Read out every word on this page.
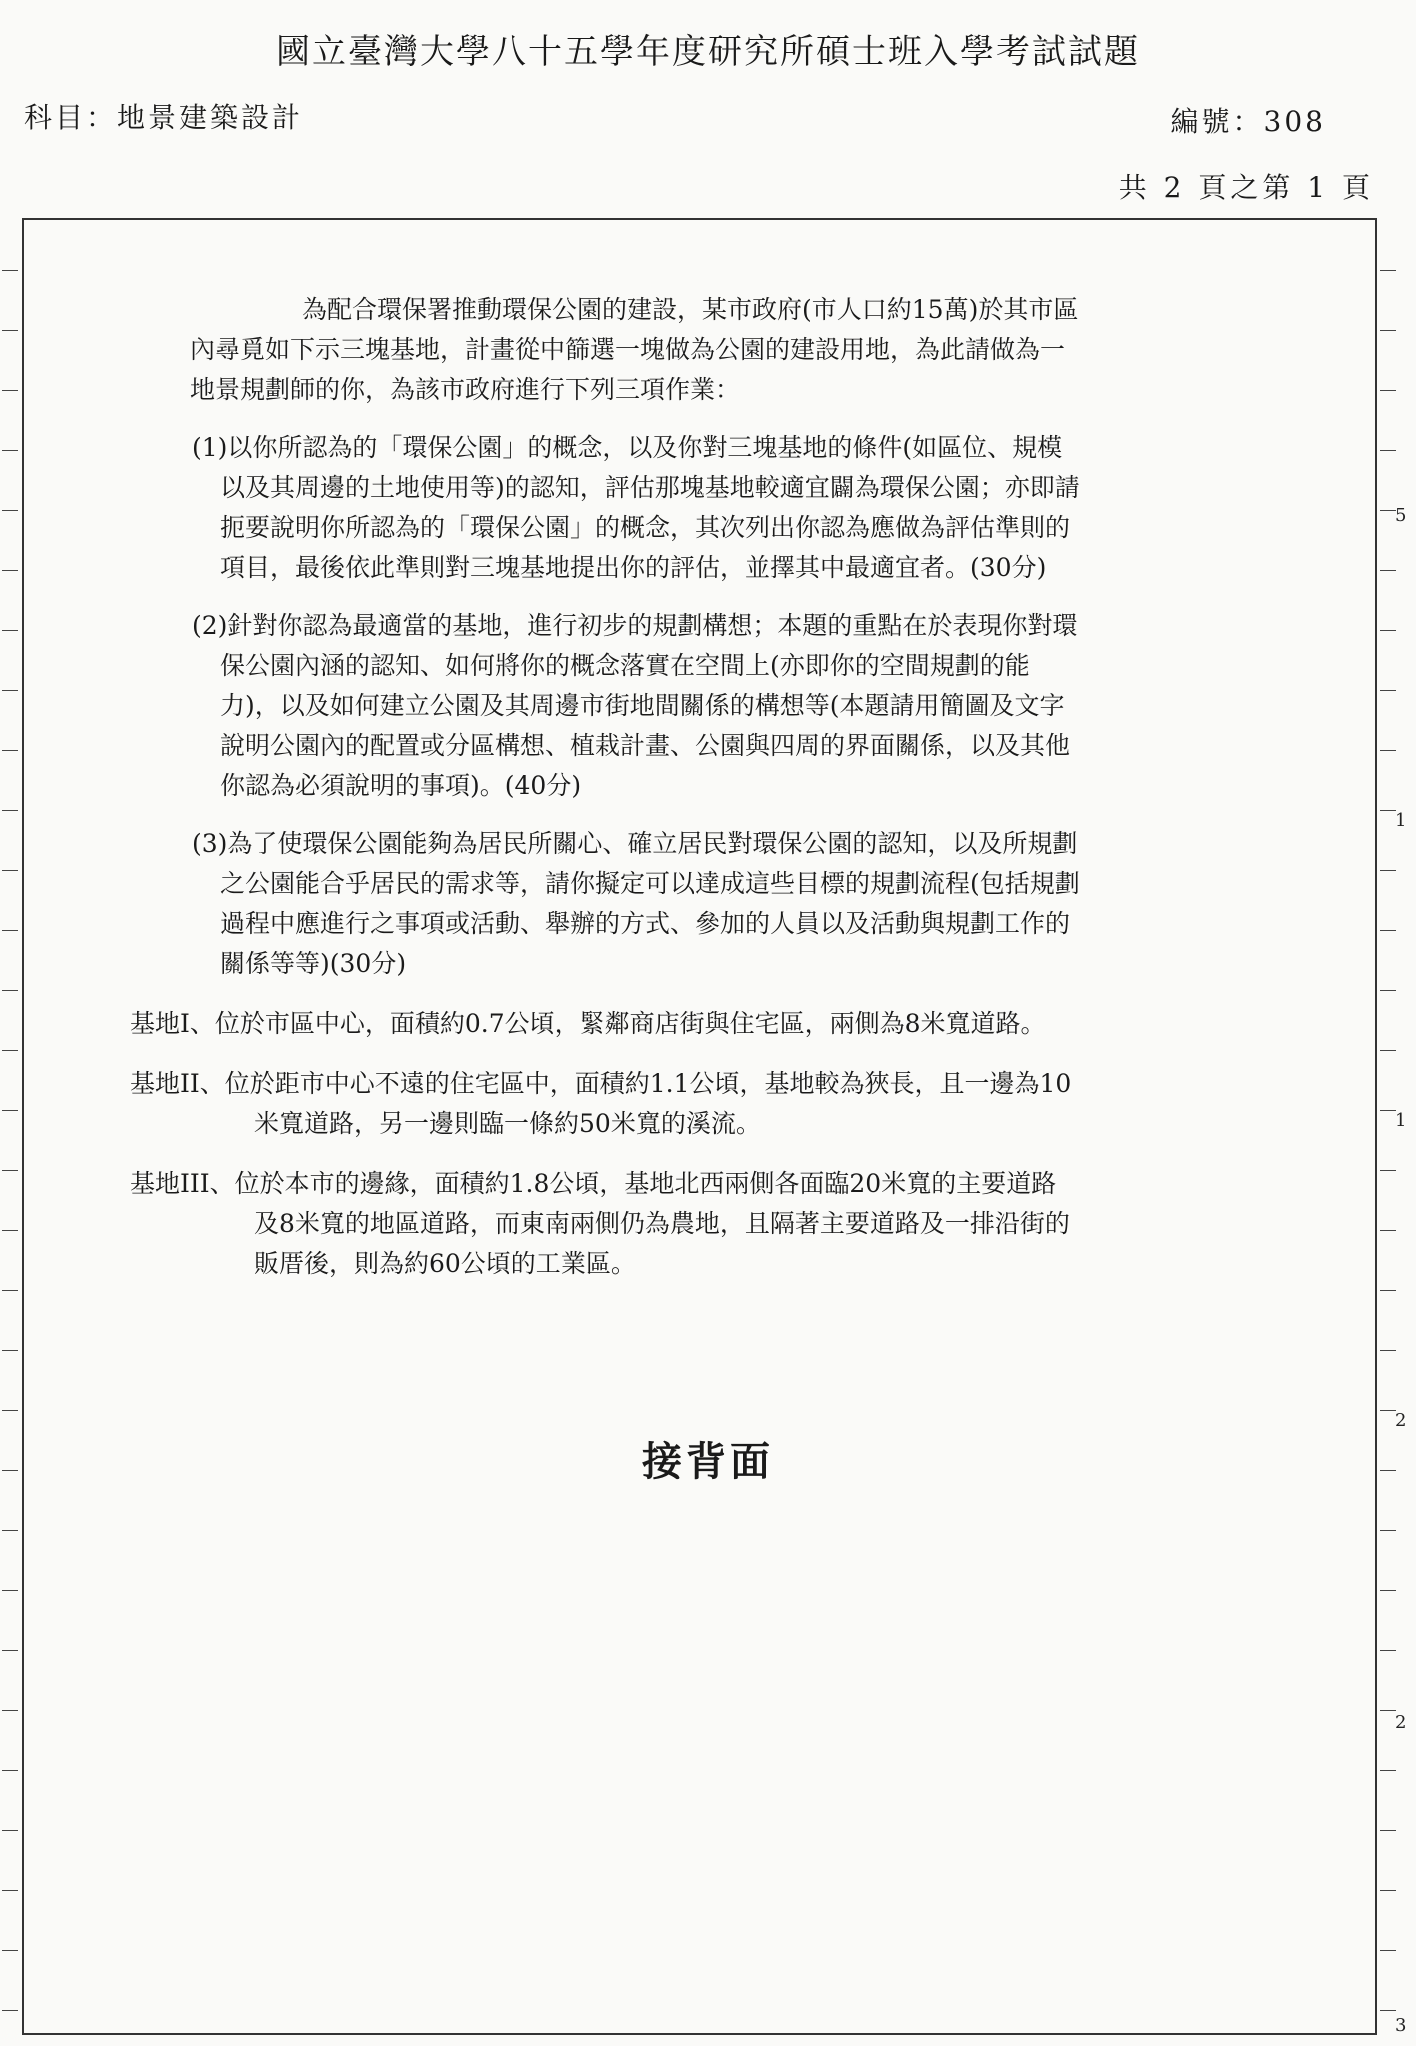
國立臺灣大學八十五學年度研究所碩士班入學考試試題
科目：地景建築設計	編號：308
共 2 頁之第 1 頁
5
1
1
2
2
3

為配合環保署推動環保公園的建設，某市政府(市人口約15萬)於其市區內尋覓如下示三塊基地，計畫從中篩選一塊做為公園的建設用地，為此請做為一地景規劃師的你，為該市政府進行下列三項作業：

(1)以你所認為的「環保公園」的概念，以及你對三塊基地的條件(如區位、規模以及其周邊的土地使用等)的認知，評估那塊基地較適宜闢為環保公園；亦即請扼要說明你所認為的「環保公園」的概念，其次列出你認為應做為評估準則的項目，最後依此準則對三塊基地提出你的評估，並擇其中最適宜者。(30分)

(2)針對你認為最適當的基地，進行初步的規劃構想；本題的重點在於表現你對環保公園內涵的認知、如何將你的概念落實在空間上(亦即你的空間規劃的能力)，以及如何建立公園及其周邊市街地間關係的構想等(本題請用簡圖及文字說明公園內的配置或分區構想、植栽計畫、公園與四周的界面關係，以及其他你認為必須說明的事項)。(40分)

(3)為了使環保公園能夠為居民所關心、確立居民對環保公園的認知，以及所規劃之公園能合乎居民的需求等，請你擬定可以達成這些目標的規劃流程(包括規劃過程中應進行之事項或活動、舉辦的方式、參加的人員以及活動與規劃工作的關係等等)(30分)

基地I、位於市區中心，面積約0.7公頃，緊鄰商店街與住宅區，兩側為8米寬道路。

基地II、位於距市中心不遠的住宅區中，面積約1.1公頃，基地較為狹長，且一邊為10米寬道路，另一邊則臨一條約50米寬的溪流。

基地III、位於本市的邊緣，面積約1.8公頃，基地北西兩側各面臨20米寬的主要道路及8米寬的地區道路，而東南兩側仍為農地，且隔著主要道路及一排沿街的販厝後，則為約60公頃的工業區。

接背面
